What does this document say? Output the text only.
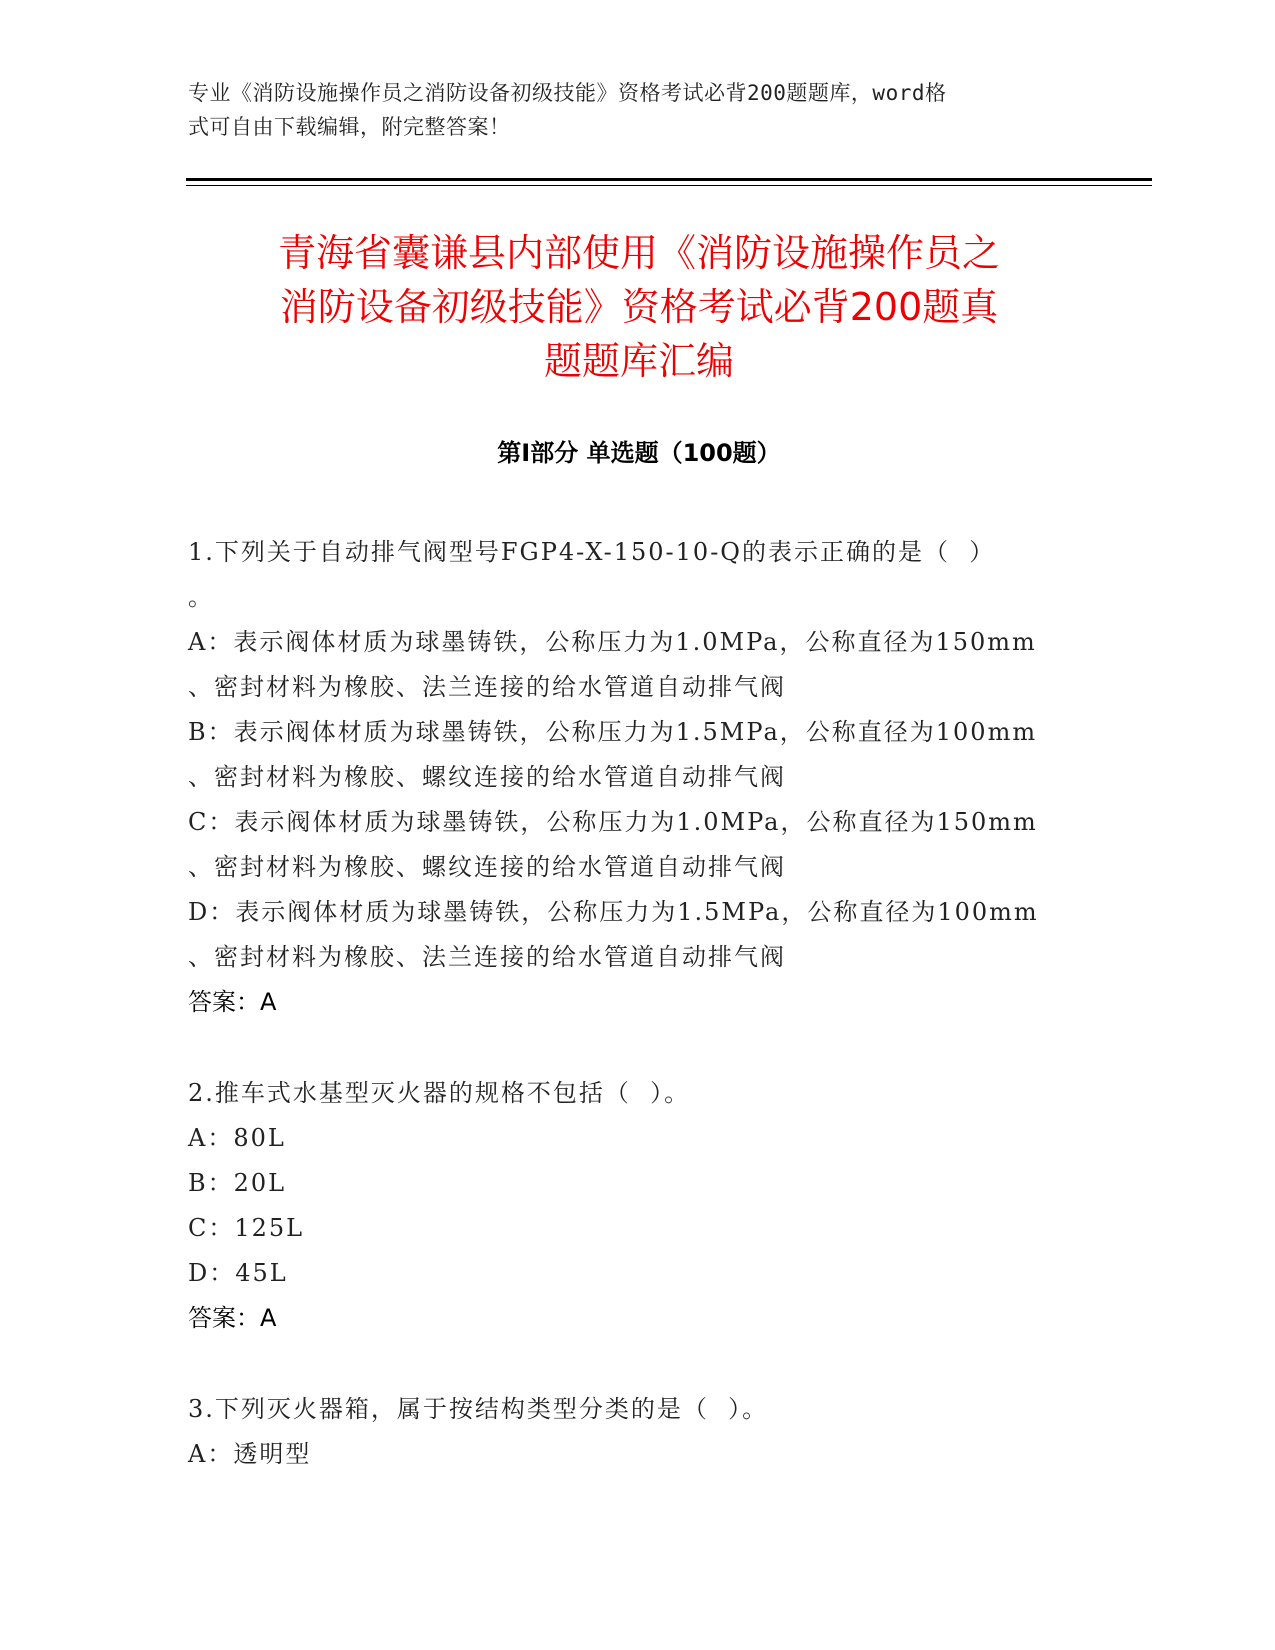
专业《消防设施操作员之消防设备初级技能》资格考试必背200题题库，word格
式可自由下载编辑，附完整答案！
青海省囊谦县内部使用《消防设施操作员之
消防设备初级技能》资格考试必背200题真
题题库汇编
第Ⅰ部分 单选题（100题）

1.下列关于自动排气阀型号FGP4-X-150-10-Q的表示正确的是（  ）

。

A：表示阀体材质为球墨铸铁，公称压力为1.0MPa，公称直径为150mm

、密封材料为橡胶、法兰连接的给水管道自动排气阀

B：表示阀体材质为球墨铸铁，公称压力为1.5MPa，公称直径为100mm

、密封材料为橡胶、螺纹连接的给水管道自动排气阀

C：表示阀体材质为球墨铸铁，公称压力为1.0MPa，公称直径为150mm

、密封材料为橡胶、螺纹连接的给水管道自动排气阀

D：表示阀体材质为球墨铸铁，公称压力为1.5MPa，公称直径为100mm

、密封材料为橡胶、法兰连接的给水管道自动排气阀

答案：A

2.推车式水基型灭火器的规格不包括（  ）。

A：80L

B：20L

C：125L

D：45L

答案：A

3.下列灭火器箱，属于按结构类型分类的是（  ）。

A：透明型
